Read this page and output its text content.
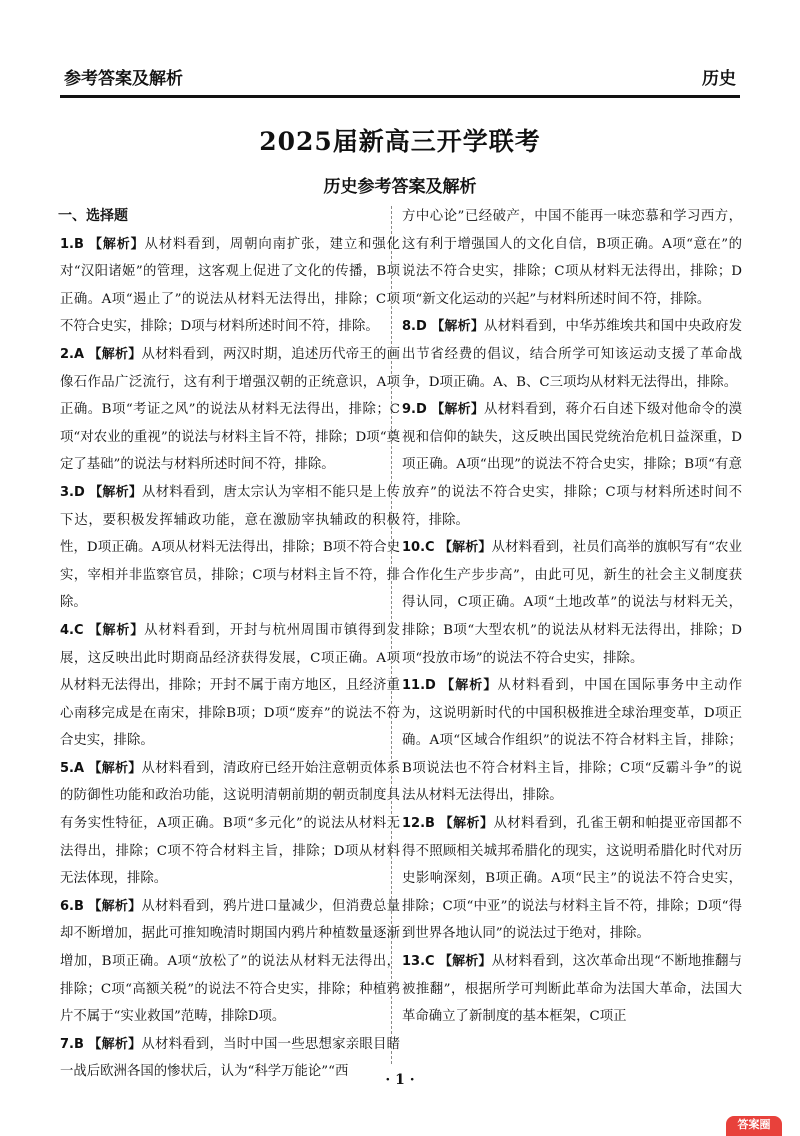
参考答案及解析	历史
2025届新高三开学联考
历史参考答案及解析
一、选择题

1.B 【解析】从材料看到，周朝向南扩张，建立和强化对“汉阳诸姬”的管理，这客观上促进了文化的传播，B项正确。A项“遏止了”的说法从材料无法得出，排除；C项不符合史实，排除；D项与材料所述时间不符，排除。

2.A 【解析】从材料看到，两汉时期，追述历代帝王的画像石作品广泛流行，这有利于增强汉朝的正统意识，A项正确。B项“考证之风”的说法从材料无法得出，排除；C项“对农业的重视”的说法与材料主旨不符，排除；D项“奠定了基础”的说法与材料所述时间不符，排除。

3.D 【解析】从材料看到，唐太宗认为宰相不能只是上传下达，要积极发挥辅政功能，意在激励宰执辅政的积极性，D项正确。A项从材料无法得出，排除；B项不符合史实，宰相并非监察官员，排除；C项与材料主旨不符，排除。

4.C 【解析】从材料看到，开封与杭州周围市镇得到发展，这反映出此时期商品经济获得发展，C项正确。A项从材料无法得出，排除；开封不属于南方地区，且经济重心南移完成是在南宋，排除B项；D项“废弃”的说法不符合史实，排除。

5.A 【解析】从材料看到，清政府已经开始注意朝贡体系的防御性功能和政治功能，这说明清朝前期的朝贡制度具有务实性特征，A项正确。B项“多元化”的说法从材料无法得出，排除；C项不符合材料主旨，排除；D项从材料无法体现，排除。

6.B 【解析】从材料看到，鸦片进口量减少，但消费总量却不断增加，据此可推知晚清时期国内鸦片种植数量逐渐增加，B项正确。A项“放松了”的说法从材料无法得出，排除；C项“高额关税”的说法不符合史实，排除；种植鸦片不属于“实业救国”范畴，排除D项。

7.B 【解析】从材料看到，当时中国一些思想家亲眼目睹一战后欧洲各国的惨状后，认为“科学万能论”“西

方中心论”已经破产，中国不能再一味恋慕和学习西方，这有利于增强国人的文化自信，B项正确。A项“意在”的说法不符合史实，排除；C项从材料无法得出，排除；D项“新文化运动的兴起”与材料所述时间不符，排除。

8.D 【解析】从材料看到，中华苏维埃共和国中央政府发出节省经费的倡议，结合所学可知该运动支援了革命战争，D项正确。A、B、C三项均从材料无法得出，排除。

9.D 【解析】从材料看到，蒋介石自述下级对他命令的漠视和信仰的缺失，这反映出国民党统治危机日益深重，D项正确。A项“出现”的说法不符合史实，排除；B项“有意放弃”的说法不符合史实，排除；C项与材料所述时间不符，排除。

10.C 【解析】从材料看到，社员们高举的旗帜写有“农业合作化生产步步高”，由此可见，新生的社会主义制度获得认同，C项正确。A项“土地改革”的说法与材料无关，排除；B项“大型农机”的说法从材料无法得出，排除；D项“投放市场”的说法不符合史实，排除。

11.D 【解析】从材料看到，中国在国际事务中主动作为，这说明新时代的中国积极推进全球治理变革，D项正确。A项“区域合作组织”的说法不符合材料主旨，排除；B项说法也不符合材料主旨，排除；C项“反霸斗争”的说法从材料无法得出，排除。

12.B 【解析】从材料看到，孔雀王朝和帕提亚帝国都不得不照顾相关城邦希腊化的现实，这说明希腊化时代对历史影响深刻，B项正确。A项“民主”的说法不符合史实，排除；C项“中亚”的说法与材料主旨不符，排除；D项“得到世界各地认同”的说法过于绝对，排除。

13.C 【解析】从材料看到，这次革命出现“不断地推翻与被推翻”，根据所学可判断此革命为法国大革命，法国大革命确立了新制度的基本框架，C项正

· 1 ·
答案圈
